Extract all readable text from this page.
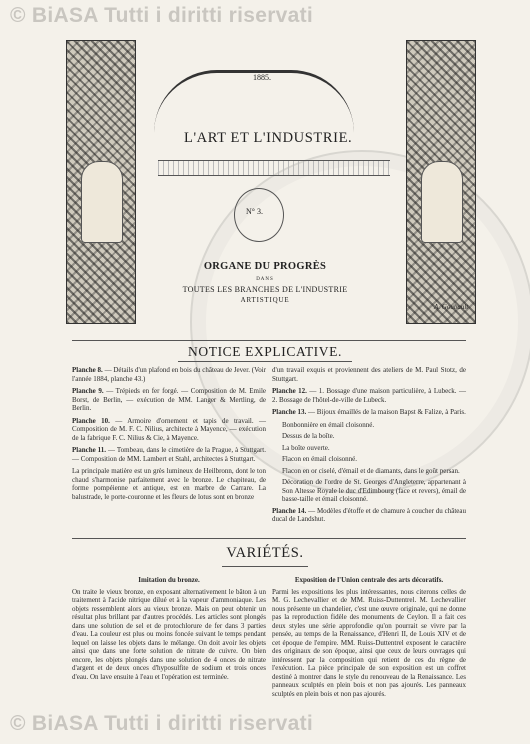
© BiASA Tutti i diritti riservati
1885.
L'ART ET L'INDUSTRIE.
N° 3.
A. Goubault
ORGANE DU PROGRÈS
DANS
TOUTES LES BRANCHES DE L'INDUSTRIE
ARTISTIQUE
NOTICE EXPLICATIVE.

Planche 8. — Détails d'un plafond en bois du château de Jever. (Voir l'année 1884, planche 43.)

Planche 9. — Trépieds en fer forgé. — Composition de M. Emile Borst, de Berlin, — exécution de MM. Langer & Mertling, de Berlin.

Planche 10. — Armoire d'ornement et tapis de travail. — Composition de M. F. C. Nilius, architecte à Mayence, — exécution de la fabrique F. C. Nilius & Cie, à Mayence.

Planche 11. — Tombeau, dans le cimetière de la Prague, à Stuttgart. — Composition de MM. Lambert et Stahl, architectes à Stuttgart.

La principale matière est un grès lumineux de Heilbronn, dont le ton chaud s'harmonise parfaitement avec le bronze. Le chapiteau, de forme pompéienne et antique, est en marbre de Carrare. La balustrade, le porte-couronne et les fleurs de lotus sont en bronze

d'un travail exquis et proviennent des ateliers de M. Paul Stotz, de Stuttgart.

Planche 12. — 1. Bossage d'une maison particulière, à Lubeck. — 2. Bossage de l'hôtel-de-ville de Lubeck.

Planche 13. — Bijoux émaillés de la maison Bapst & Falize, à Paris.

Bonbonnière en émail cloisonné.

Dessus de la boîte.

La boîte ouverte.

Flacon en émail cloisonné.

Flacon en or ciselé, d'émail et de diamants, dans le goût persan.

Décoration de l'ordre de St. Georges d'Angleterre, appartenant à Son Altesse Royale le duc d'Edimbourg (face et revers), émail de basse-taille et émail cloisonné.

Planche 14. — Modèles d'étoffe et de chamure à coucher du château ducal de Landshut.

VARIÉTÉS.
Imitation du bronze.

On traite le vieux bronze, en exposant alternativement le bâton à un traitement à l'acide nitrique dilué et à la vapeur d'ammoniaque. Les objets ressemblent alors au vieux bronze. Mais on peut obtenir un résultat plus brillant par d'autres procédés. Les articles sont plongés dans une solution de sel et de protochlorure de fer dans 3 parties d'eau. La couleur est plus ou moins foncée suivant le temps pendant lequel on laisse les objets dans le mélange. On doit avoir les objets ainsi que dans une forte solution de nitrate de cuivre. On bien encore, les objets plongés dans une solution de 4 onces de nitrate d'argent et de deux onces d'hyposulfite de sodium et trois onces d'eau. On lave ensuite à l'eau et l'opération est terminée.

Exposition de l'Union centrale des arts décoratifs.

Parmi les expositions les plus intéressantes, nous citerons celles de M. G. Lechevallier et de MM. Ruiss-Duttentrel. M. Lechevallier nous présente un chandelier, c'est une œuvre originale, qui ne donne pas la reproduction fidèle des monuments de Ceylon. Il a fait ces deux styles une série approfondie qu'on pourrait se vivre par la pensée, au temps de la Renaissance, d'Henri II, de Louis XIV et de cet époque de l'empire. MM. Ruiss-Duttentrel exposent le caractère des originaux de son époque, ainsi que ceux de leurs ouvrages qui intéressent par la composition qui retient de ces du règne de l'exécution. La pièce principale de son exposition est un coffret destiné à montrer dans le style du renouveau de la Renaissance. Les panneaux sculptés en plein bois et non pas ajourés. Les panneaux sculptés en plein bois et non pas ajourés.

© BiASA Tutti i diritti riservati
